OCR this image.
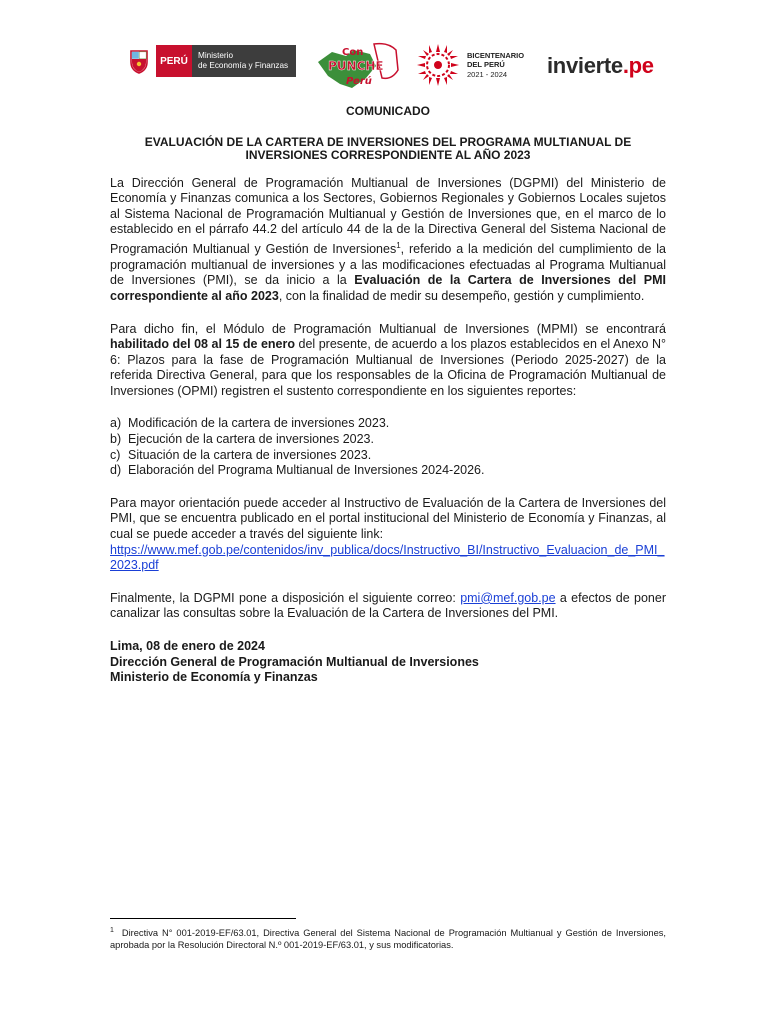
PERÚ	Ministerio
de Economía y Finanzas
Con
PUNCHE
Perú
BICENTENARIO
DEL PERÚ
2021 - 2024	invierte.pe
COMUNICADO
EVALUACIÓN DE LA CARTERA DE INVERSIONES DEL PROGRAMA MULTIANUAL DE
INVERSIONES CORRESPONDIENTE AL AÑO 2023

La Dirección General de Programación Multianual de Inversiones (DGPMI) del Ministerio de Economía y Finanzas comunica a los Sectores, Gobiernos Regionales y Gobiernos Locales sujetos al Sistema Nacional de Programación Multianual y Gestión de Inversiones que, en el marco de lo establecido en el párrafo 44.2 del artículo 44 de la de la Directiva General del Sistema Nacional de Programación Multianual y Gestión de Inversiones$^1$, referido a la medición del cumplimiento de la programación multianual de inversiones y a las modificaciones efectuadas al Programa Multianual de Inversiones (PMI), se da inicio a la Evaluación de la Cartera de Inversiones del PMI correspondiente al año 2023, con la finalidad de medir su desempeño, gestión y cumplimiento.

Para dicho fin, el Módulo de Programación Multianual de Inversiones (MPMI) se encontrará habilitado del 08 al 15 de enero del presente, de acuerdo a los plazos establecidos en el Anexo N° 6: Plazos para la fase de Programación Multianual de Inversiones (Periodo 2025-2027) de la referida Directiva General, para que los responsables de la Oficina de Programación Multianual de Inversiones (OPMI) registren el sustento correspondiente en los siguientes reportes:

a) Modificación de la cartera de inversiones 2023.
b) Ejecución de la cartera de inversiones 2023.
c) Situación de la cartera de inversiones 2023.
d) Elaboración del Programa Multianual de Inversiones 2024-2026.

Para mayor orientación puede acceder al Instructivo de Evaluación de la Cartera de Inversiones del PMI, que se encuentra publicado en el portal institucional del Ministerio de Economía y Finanzas, al cual se puede acceder a través del siguiente link:
https://www.mef.gob.pe/contenidos/inv_publica/docs/Instructivo_BI/Instructivo_Evaluacion_de_PMI_2023.pdf

Finalmente, la DGPMI pone a disposición el siguiente correo: pmi@mef.gob.pe a efectos de poner canalizar las consultas sobre la Evaluación de la Cartera de Inversiones del PMI.

Lima, 08 de enero de 2024
Dirección General de Programación Multianual de Inversiones
Ministerio de Economía y Finanzas
$^1$ Directiva N° 001-2019-EF/63.01, Directiva General del Sistema Nacional de Programación Multianual y Gestión de Inversiones, aprobada por la Resolución Directoral N.º 001-2019-EF/63.01, y sus modificatorias.
